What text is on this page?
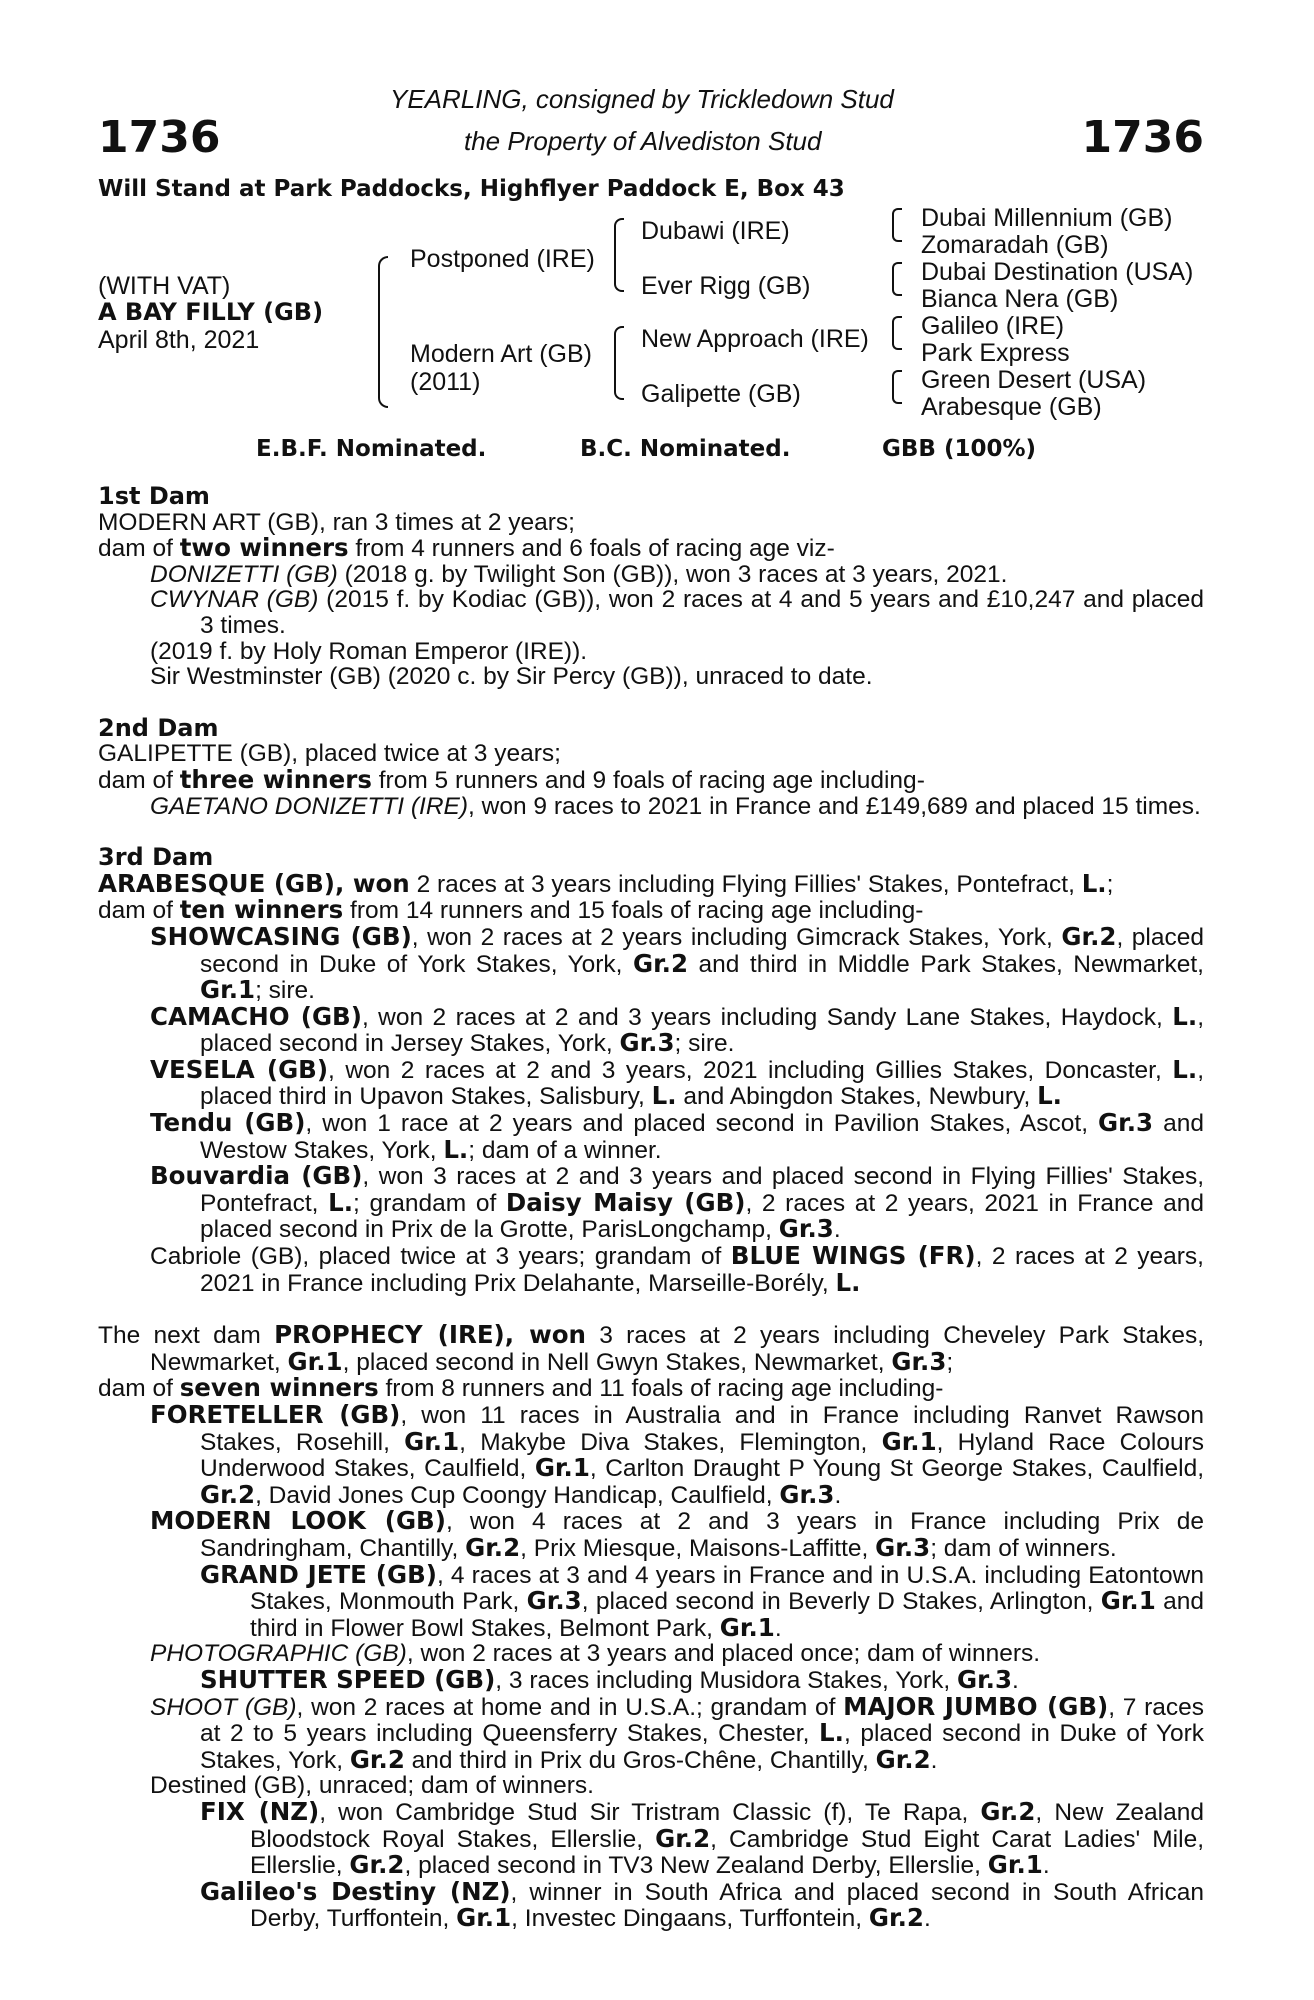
1736	1736
YEARLING, consigned by Trickledown Stud
the Property of Alvediston Stud
Will Stand at Park Paddocks, Highflyer Paddock E, Box 43
(WITH VAT)
A BAY FILLY (GB)
April 8th, 2021
Postponed (IRE)
Modern Art (GB)
(2011)
Dubawi (IRE)
Ever Rigg (GB)
New Approach (IRE)
Galipette (GB)
Dubai Millennium (GB)
Zomaradah (GB)
Dubai Destination (USA)
Bianca Nera (GB)
Galileo (IRE)
Park Express
Green Desert (USA)
Arabesque (GB)
E.B.F. Nominated.	B.C. Nominated.	GBB (100%)

1st Dam

MODERN ART (GB), ran 3 times at 2 years;

dam of two winners from 4 runners and 6 foals of racing age viz-

DONIZETTI (GB) (2018 g. by Twilight Son (GB)), won 3 races at 3 years, 2021.

CWYNAR (GB) (2015 f. by Kodiac (GB)), won 2 races at 4 and 5 years and £10,247 and placed 3 times.

(2019 f. by Holy Roman Emperor (IRE)).

Sir Westminster (GB) (2020 c. by Sir Percy (GB)), unraced to date.

2nd Dam

GALIPETTE (GB), placed twice at 3 years;

dam of three winners from 5 runners and 9 foals of racing age including-

GAETANO DONIZETTI (IRE), won 9 races to 2021 in France and £149,689 and placed 15 times.

3rd Dam

ARABESQUE (GB), won 2 races at 3 years including Flying Fillies' Stakes, Pontefract, L.;

dam of ten winners from 14 runners and 15 foals of racing age including-

SHOWCASING (GB), won 2 races at 2 years including Gimcrack Stakes, York, Gr.2, placed second in Duke of York Stakes, York, Gr.2 and third in Middle Park Stakes, Newmarket, Gr.1; sire.

CAMACHO (GB), won 2 races at 2 and 3 years including Sandy Lane Stakes, Haydock, L., placed second in Jersey Stakes, York, Gr.3; sire.

VESELA (GB), won 2 races at 2 and 3 years, 2021 including Gillies Stakes, Doncaster, L., placed third in Upavon Stakes, Salisbury, L. and Abingdon Stakes, Newbury, L.

Tendu (GB), won 1 race at 2 years and placed second in Pavilion Stakes, Ascot, Gr.3 and Westow Stakes, York, L.; dam of a winner.

Bouvardia (GB), won 3 races at 2 and 3 years and placed second in Flying Fillies' Stakes, Pontefract, L.; grandam of Daisy Maisy (GB), 2 races at 2 years, 2021 in France and placed second in Prix de la Grotte, ParisLongchamp, Gr.3.

Cabriole (GB), placed twice at 3 years; grandam of BLUE WINGS (FR), 2 races at 2 years, 2021 in France including Prix Delahante, Marseille-Borély, L.

The next dam PROPHECY (IRE), won 3 races at 2 years including Cheveley Park Stakes, Newmarket, Gr.1, placed second in Nell Gwyn Stakes, Newmarket, Gr.3;

dam of seven winners from 8 runners and 11 foals of racing age including-

FORETELLER (GB), won 11 races in Australia and in France including Ranvet Rawson Stakes, Rosehill, Gr.1, Makybe Diva Stakes, Flemington, Gr.1, Hyland Race Colours Underwood Stakes, Caulfield, Gr.1, Carlton Draught P Young St George Stakes, Caulfield, Gr.2, David Jones Cup Coongy Handicap, Caulfield, Gr.3.

MODERN LOOK (GB), won 4 races at 2 and 3 years in France including Prix de Sandringham, Chantilly, Gr.2, Prix Miesque, Maisons-Laffitte, Gr.3; dam of winners.

GRAND JETE (GB), 4 races at 3 and 4 years in France and in U.S.A. including Eatontown Stakes, Monmouth Park, Gr.3, placed second in Beverly D Stakes, Arlington, Gr.1 and third in Flower Bowl Stakes, Belmont Park, Gr.1.

PHOTOGRAPHIC (GB), won 2 races at 3 years and placed once; dam of winners.

SHUTTER SPEED (GB), 3 races including Musidora Stakes, York, Gr.3.

SHOOT (GB), won 2 races at home and in U.S.A.; grandam of MAJOR JUMBO (GB), 7 races at 2 to 5 years including Queensferry Stakes, Chester, L., placed second in Duke of York Stakes, York, Gr.2 and third in Prix du Gros-Chêne, Chantilly, Gr.2.

Destined (GB), unraced; dam of winners.

FIX (NZ), won Cambridge Stud Sir Tristram Classic (f), Te Rapa, Gr.2, New Zealand Bloodstock Royal Stakes, Ellerslie, Gr.2, Cambridge Stud Eight Carat Ladies' Mile, Ellerslie, Gr.2, placed second in TV3 New Zealand Derby, Ellerslie, Gr.1.

Galileo's Destiny (NZ), winner in South Africa and placed second in South African Derby, Turffontein, Gr.1, Investec Dingaans, Turffontein, Gr.2.
